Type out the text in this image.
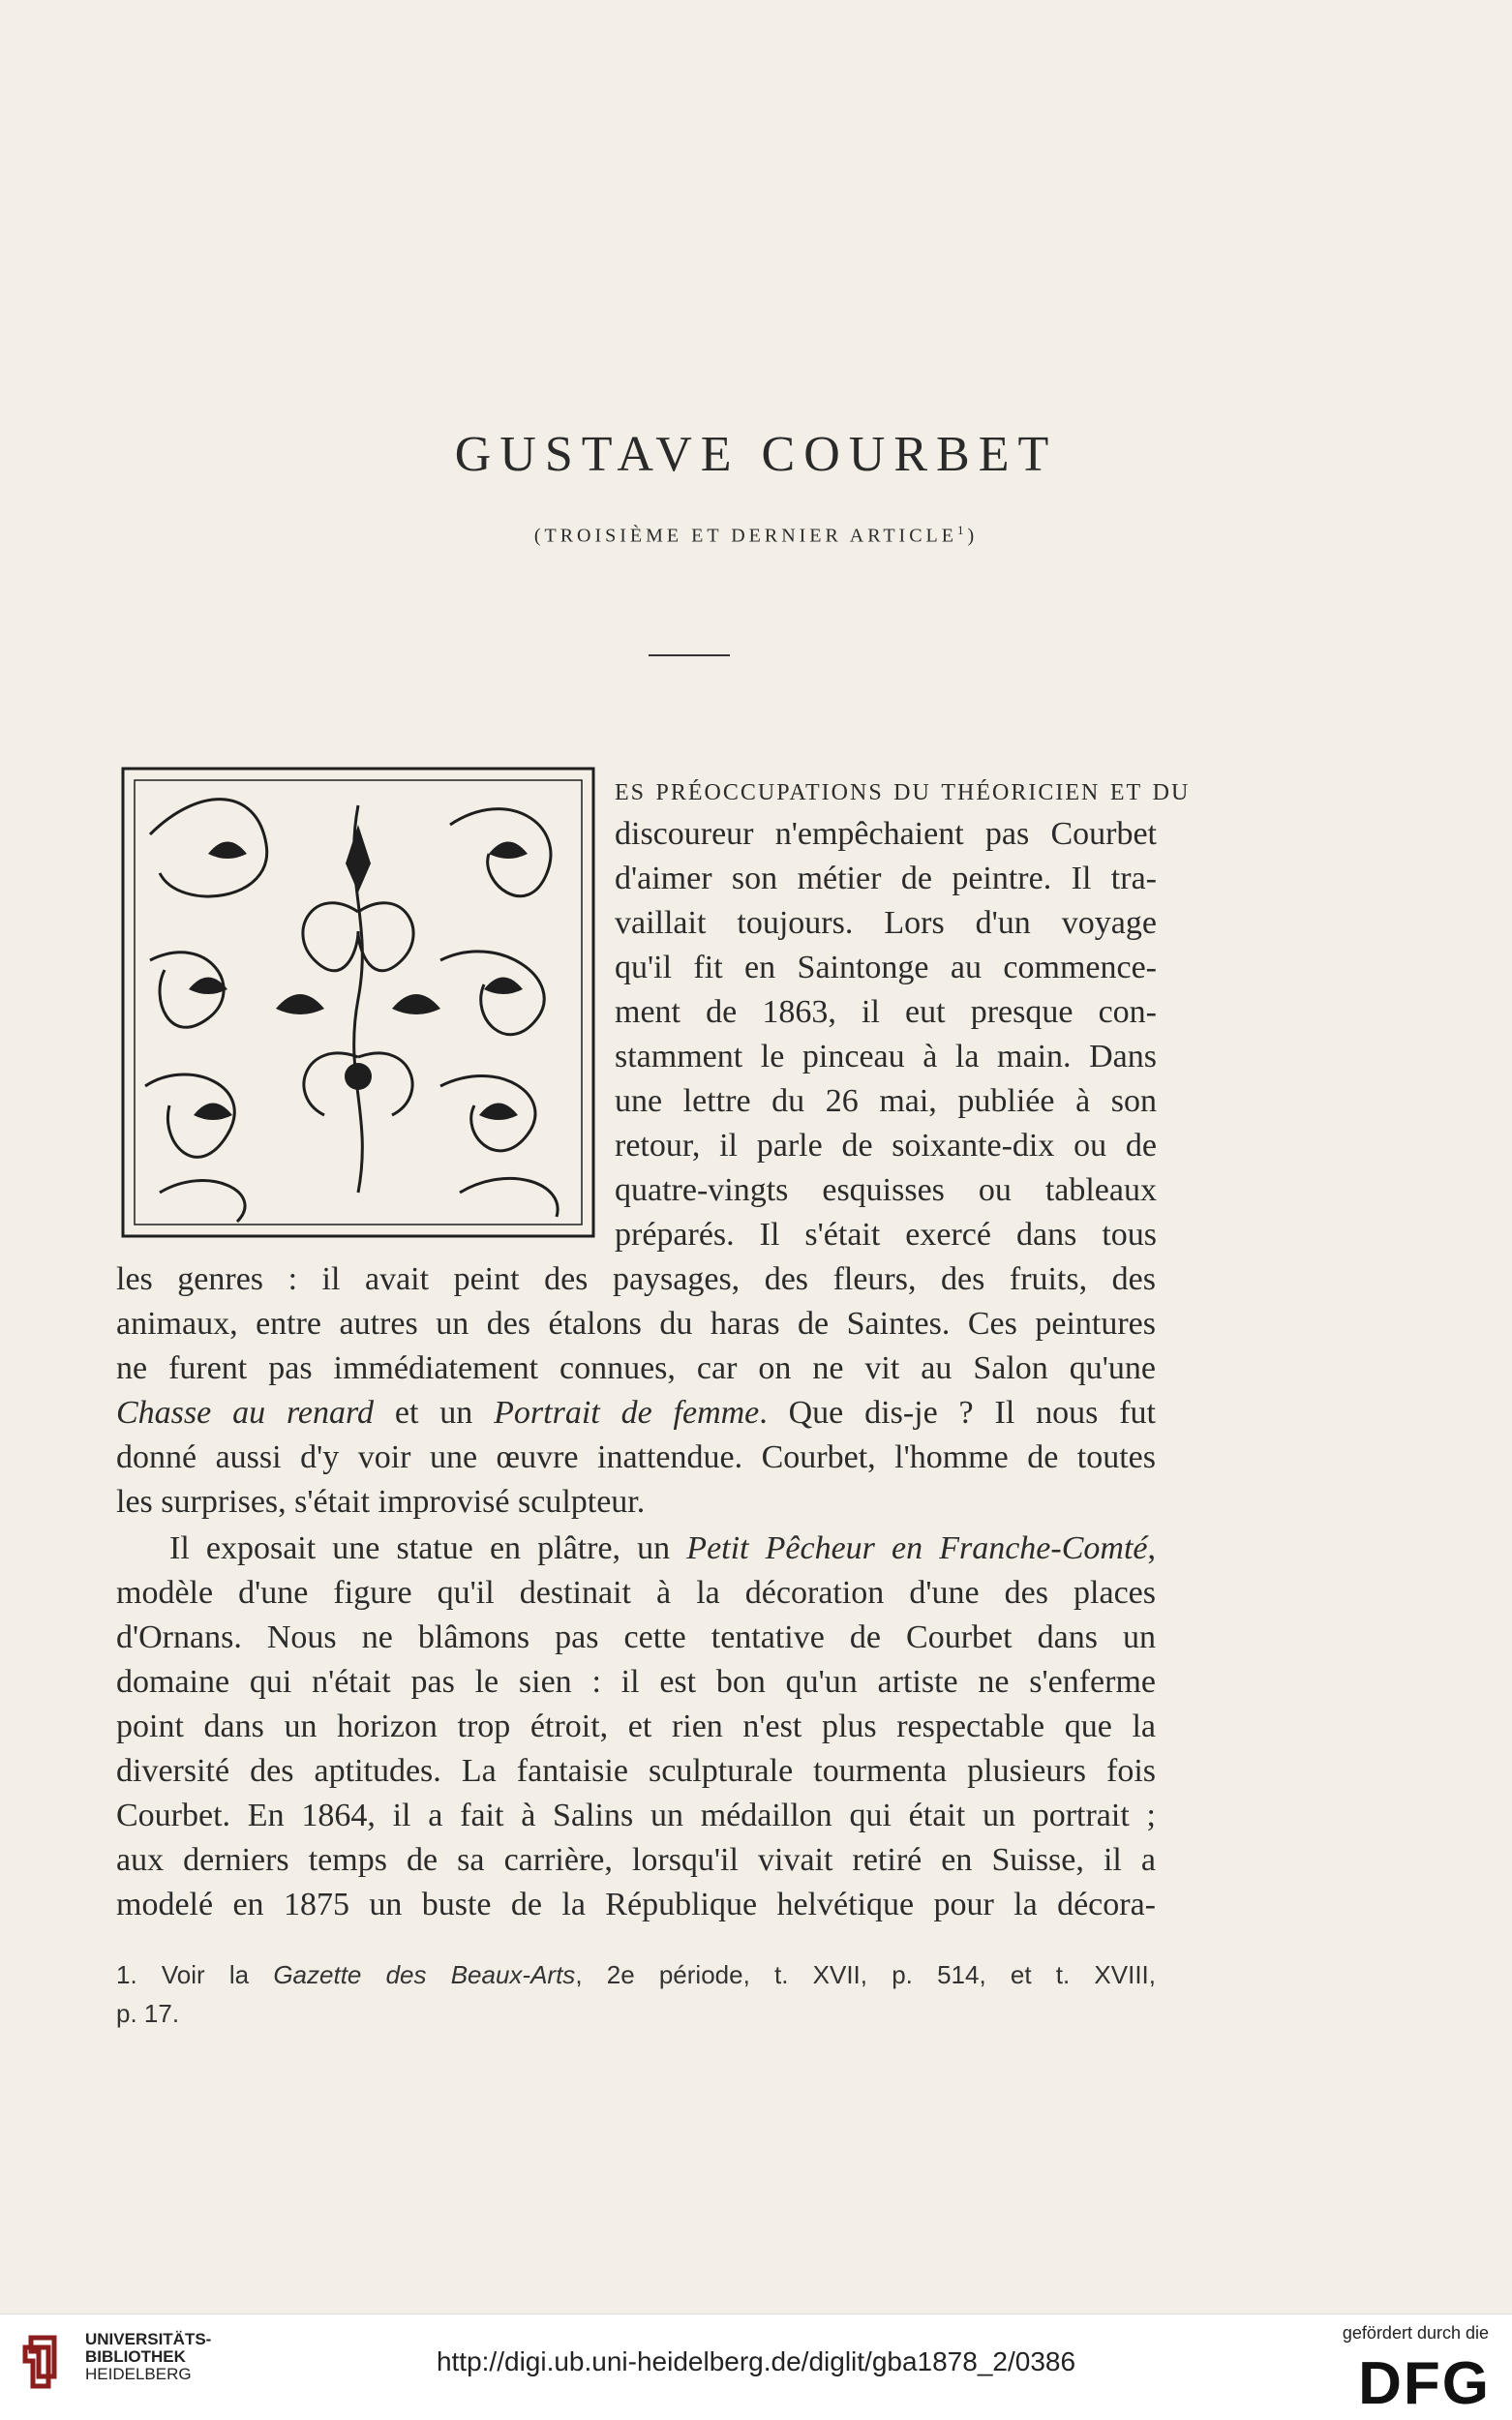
GUSTAVE COURBET
(TROISIÈME ET DERNIER ARTICLE$^1$)
es préoccupations du théoricien et du
discoureur n'empêchaient pas Courbet
d'aimer son métier de peintre. Il tra-
vaillait toujours. Lors d'un voyage
qu'il fit en Saintonge au commence-
ment de 1863, il eut presque con-
stamment le pinceau à la main. Dans
une lettre du 26 mai, publiée à son
retour, il parle de soixante-dix ou de
quatre-vingts esquisses ou tableaux
préparés. Il s'était exercé dans tous
les genres : il avait peint des paysages, des fleurs, des fruits, des
animaux, entre autres un des étalons du haras de Saintes. Ces peintures
ne furent pas immédiatement connues, car on ne vit au Salon qu'une
Chasse au renard et un Portrait de femme. Que dis-je ? Il nous fut
donné aussi d'y voir une œuvre inattendue. Courbet, l'homme de toutes
les surprises, s'était improvisé sculpteur.
Il exposait une statue en plâtre, un Petit Pêcheur en Franche-Comté,
modèle d'une figure qu'il destinait à la décoration d'une des places
d'Ornans. Nous ne blâmons pas cette tentative de Courbet dans un
domaine qui n'était pas le sien : il est bon qu'un artiste ne s'enferme
point dans un horizon trop étroit, et rien n'est plus respectable que la
diversité des aptitudes. La fantaisie sculpturale tourmenta plusieurs fois
Courbet. En 1864, il a fait à Salins un médaillon qui était un portrait ;
aux derniers temps de sa carrière, lorsqu'il vivait retiré en Suisse, il a
modelé en 1875 un buste de la République helvétique pour la décora-
1. Voir la Gazette des Beaux-Arts, 2e période, t. XVII, p. 514, et t. XVIII,
p. 17.
UNIVERSITÄTS-
BIBLIOTHEK
HEIDELBERG	http://digi.ub.uni-heidelberg.de/diglit/gba1878_2/0386
gefördert durch die
DFG
